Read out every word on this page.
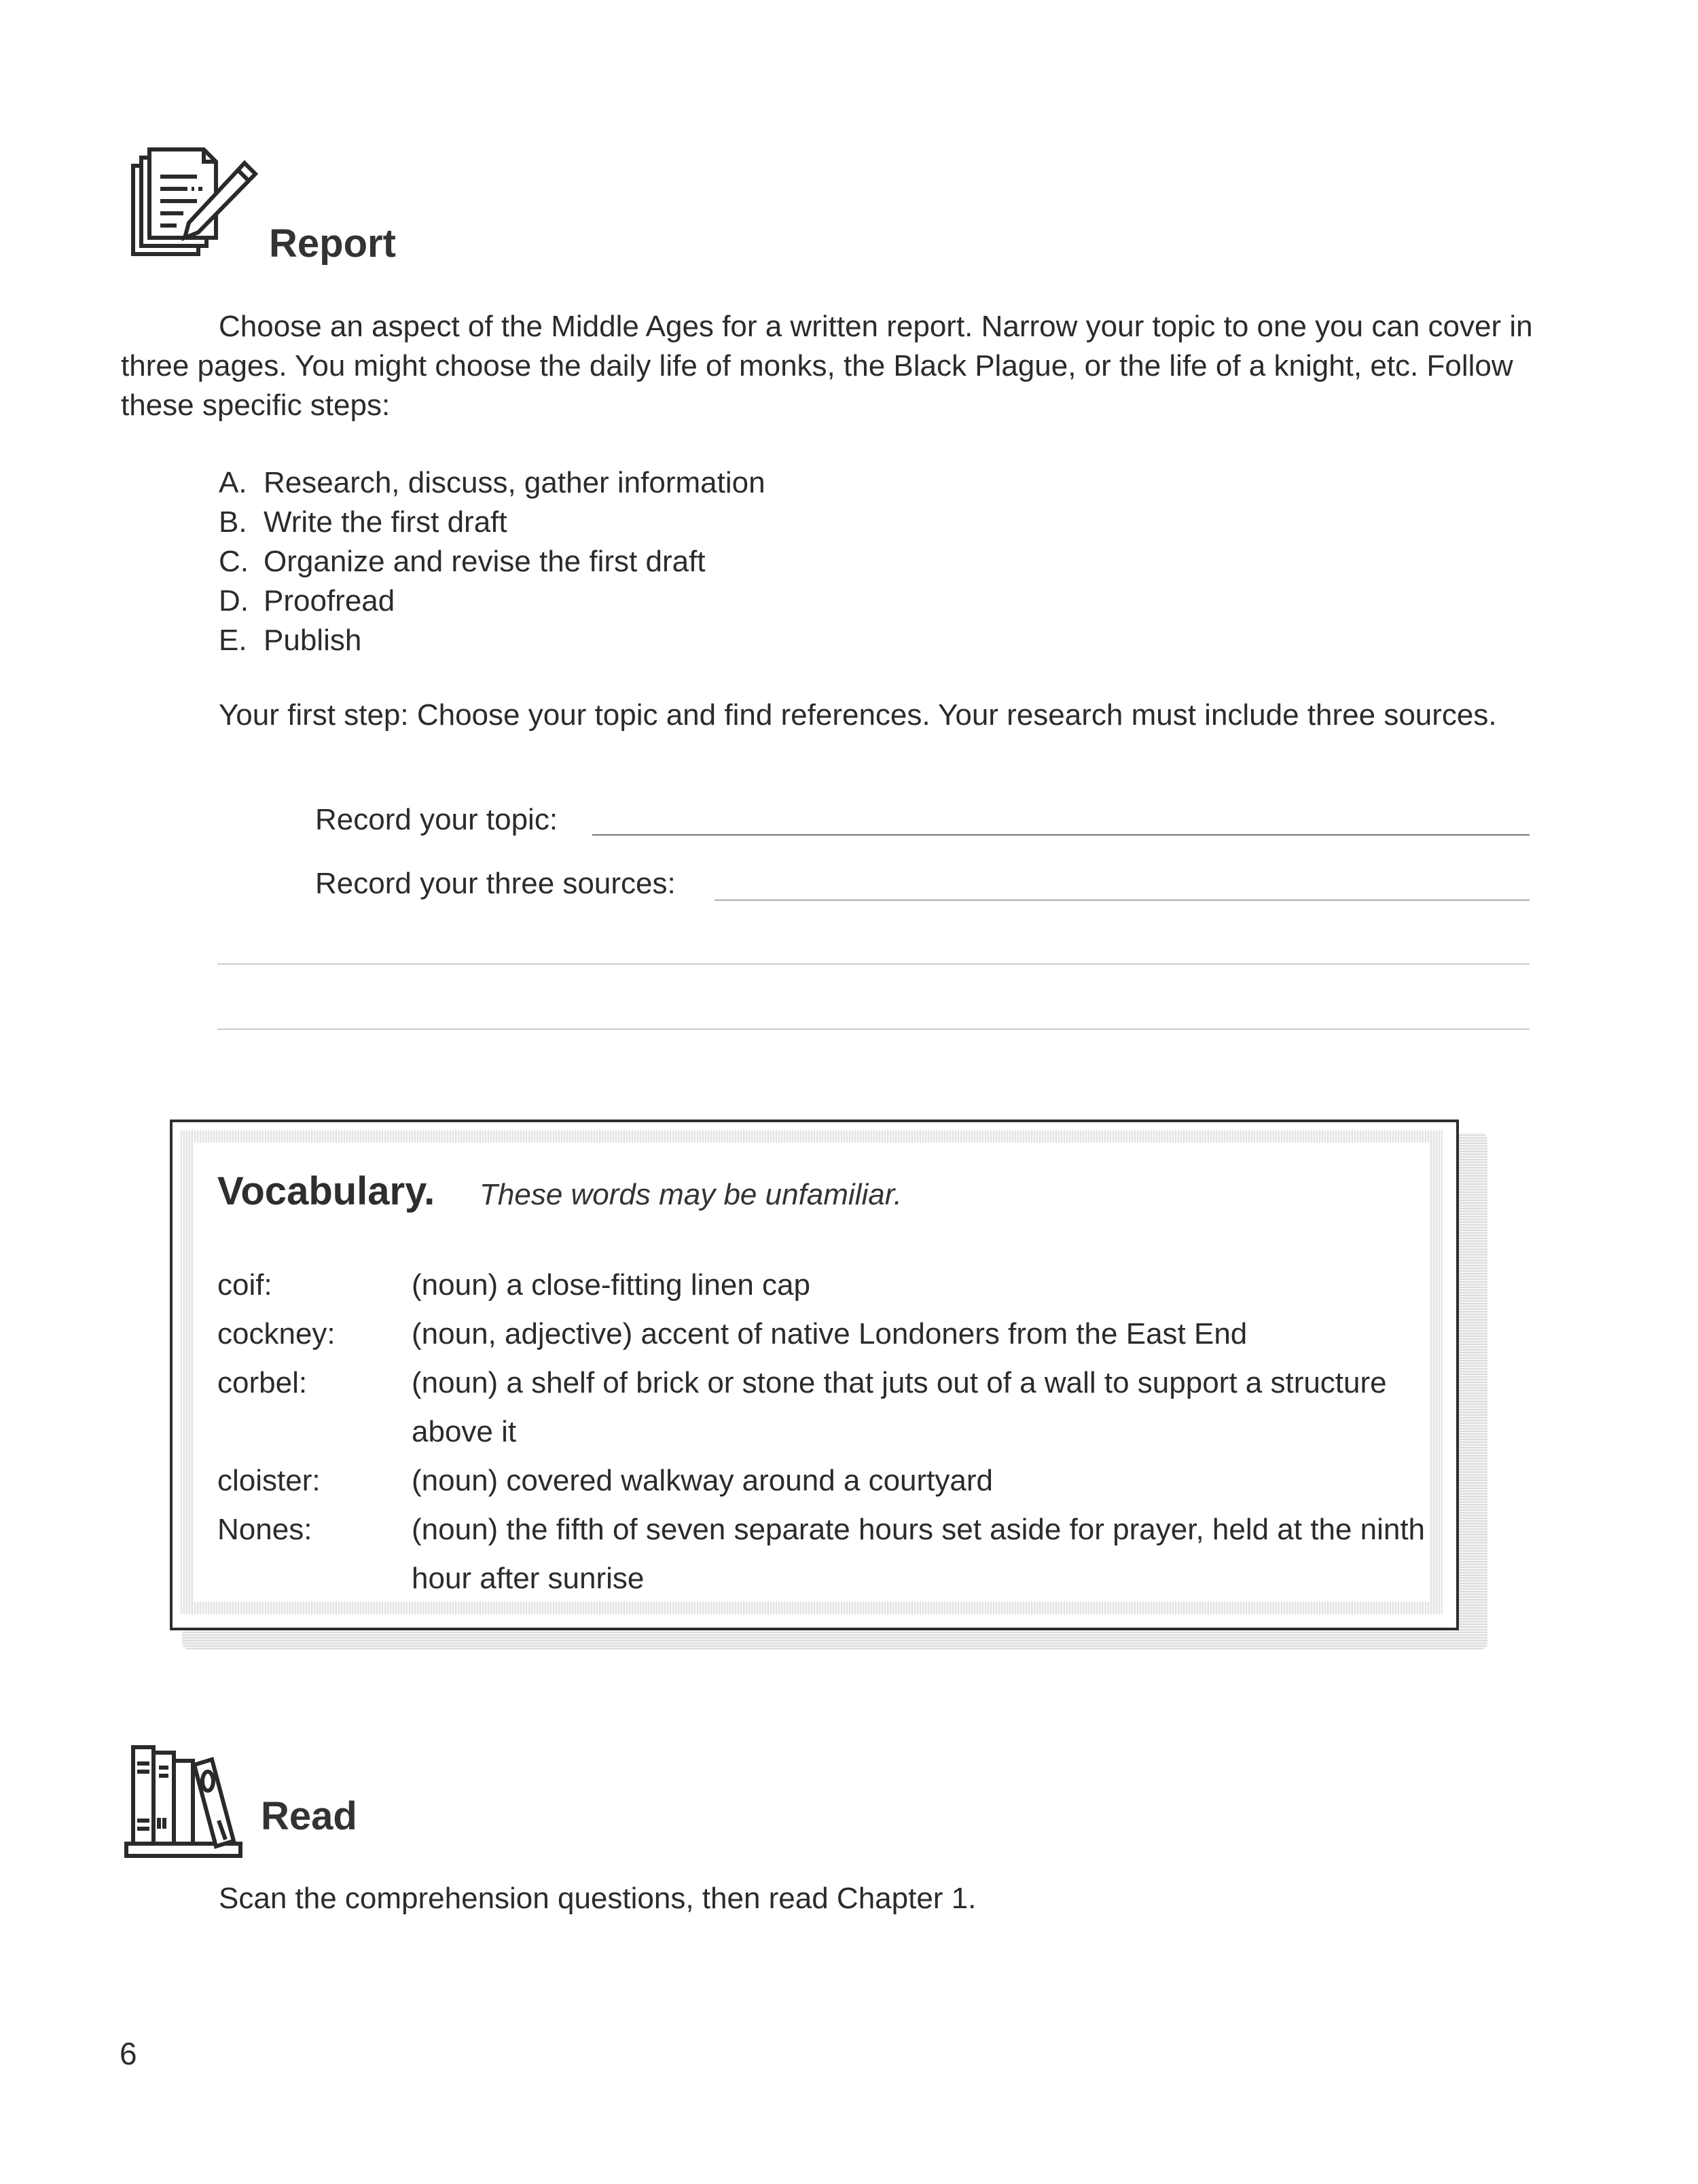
Report
Choose an aspect of the Middle Ages for a written report. Narrow your topic to one you can cover in three pages. You might choose the daily life of monks, the Black Plague, or the life of a knight, etc. Follow these specific steps:
A. Research, discuss, gather information
B. Write the first draft
C. Organize and revise the first draft
D. Proofread
E. Publish
Your first step: Choose your topic and find references. Your research must include three sources.
Record your topic:
Record your three sources:
Vocabulary. These words may be unfamiliar.
coif:	(noun) a close-fitting linen cap
cockney:	(noun, adjective) accent of native Londoners from the East End
corbel:	(noun) a shelf of brick or stone that juts out of a wall to support a structure above it
cloister:	(noun) covered walkway around a courtyard
Nones:	(noun) the fifth of seven separate hours set aside for prayer, held at the ninth hour after sunrise
Read
Scan the comprehension questions, then read Chapter 1.
6
